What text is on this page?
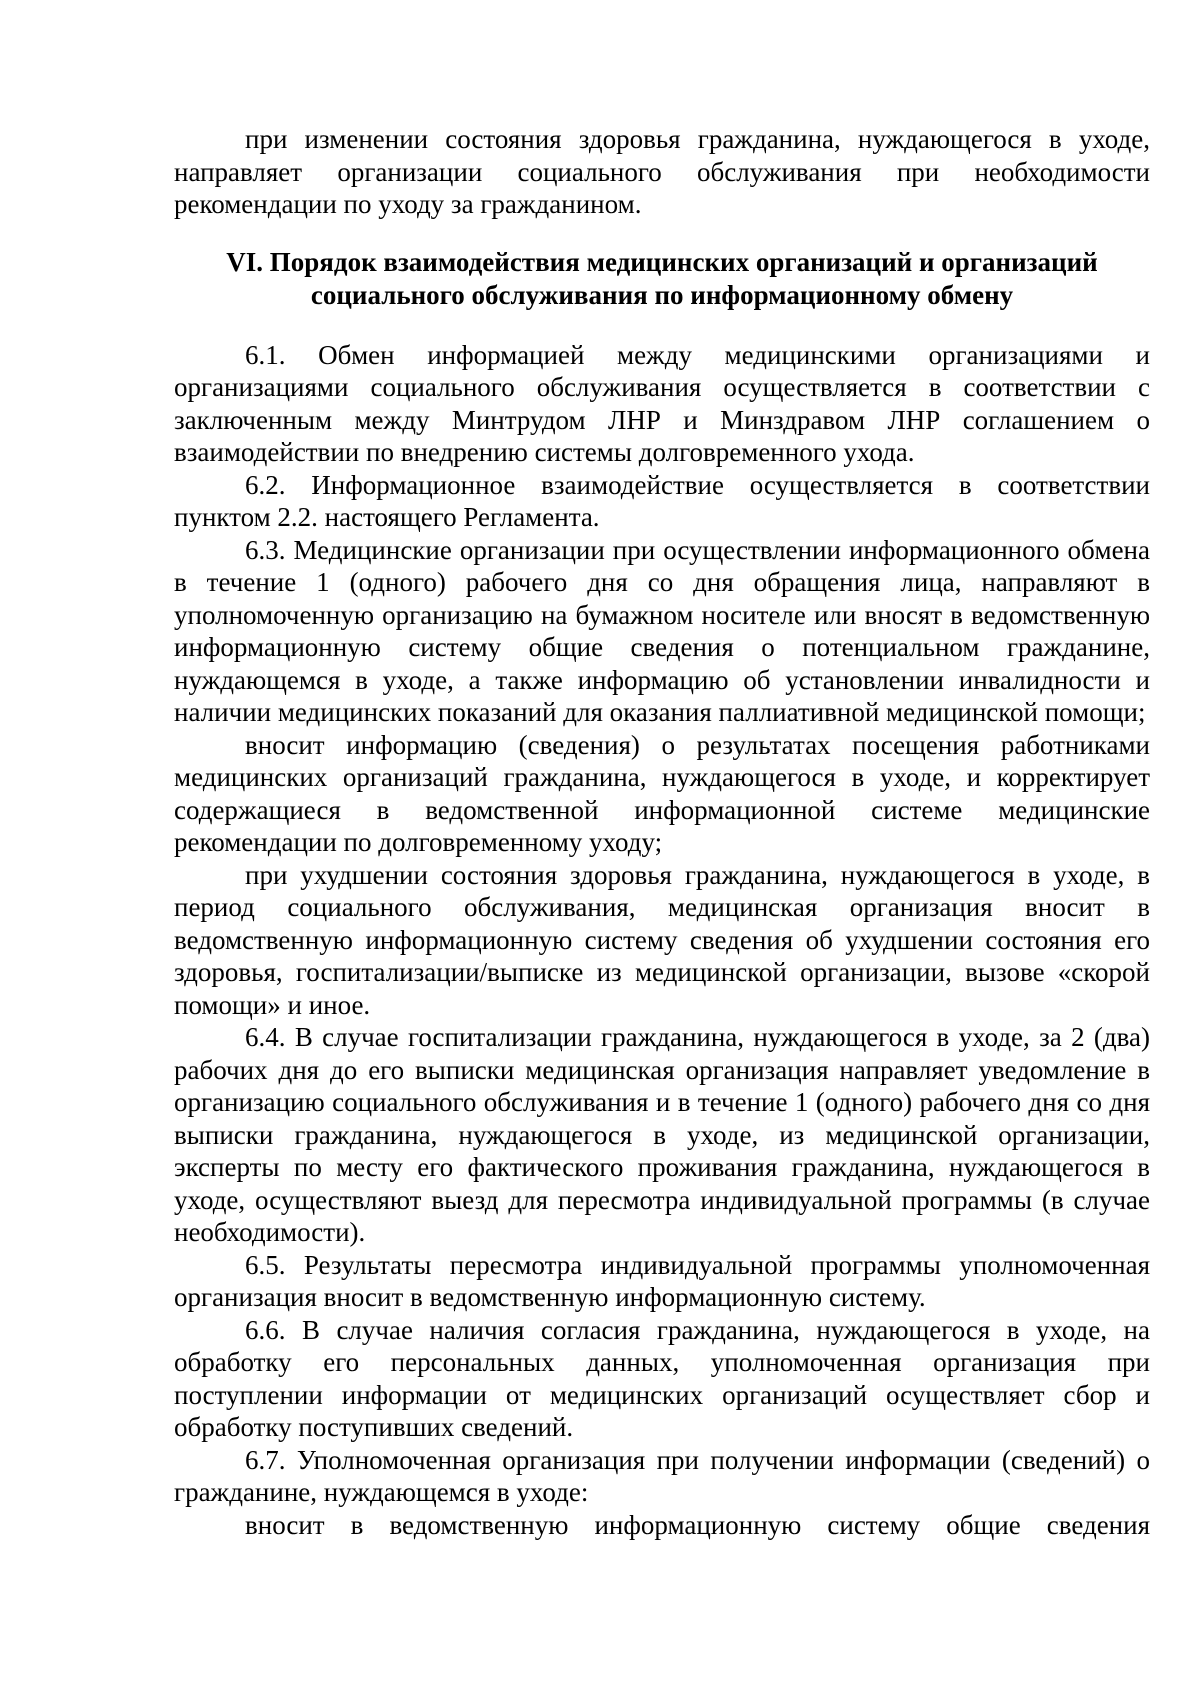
при изменении состояния здоровья гражданина, нуждающегося в уходе, направляет организации социального обслуживания при необходимости рекомендации по уходу за гражданином.

VI. Порядок взаимодействия медицинских организаций и организаций
социального обслуживания по информационному обмену

6.1. Обмен информацией между медицинскими организациями и организациями социального обслуживания осуществляется в соответствии с заключенным между Минтрудом ЛНР и Минздравом ЛНР соглашением о взаимодействии по внедрению системы долговременного ухода.

6.2. Информационное взаимодействие осуществляется в соответствии пунктом 2.2. настоящего Регламента.

6.3. Медицинские организации при осуществлении информационного обмена в течение 1 (одного) рабочего дня со дня обращения лица, направляют в уполномоченную организацию на бумажном носителе или вносят в ведомственную информационную систему общие сведения о потенциальном гражданине, нуждающемся в уходе, а также информацию об установлении инвалидности и наличии медицинских показаний для оказания паллиативной медицинской помощи;

вносит информацию (сведения) о результатах посещения работниками медицинских организаций гражданина, нуждающегося в уходе, и корректирует содержащиеся в ведомственной информационной системе медицинские рекомендации по долговременному уходу;

при ухудшении состояния здоровья гражданина, нуждающегося в уходе, в период социального обслуживания, медицинская организация вносит в ведомственную информационную систему сведения об ухудшении состояния его здоровья, госпитализации/выписке из медицинской организации, вызове «скорой помощи» и иное.

6.4. В случае госпитализации гражданина, нуждающегося в уходе, за 2 (два) рабочих дня до его выписки медицинская организация направляет уведомление в организацию социального обслуживания и в течение 1 (одного) рабочего дня со дня выписки гражданина, нуждающегося в уходе, из медицинской организации, эксперты по месту его фактического проживания гражданина, нуждающегося в уходе, осуществляют выезд для пересмотра индивидуальной программы (в случае необходимости).

6.5. Результаты пересмотра индивидуальной программы уполномоченная организация вносит в ведомственную информационную систему.

6.6. В случае наличия согласия гражданина, нуждающегося в уходе, на обработку его персональных данных, уполномоченная организация при поступлении информации от медицинских организаций осуществляет сбор и обработку поступивших сведений.

6.7. Уполномоченная организация при получении информации (сведений) о гражданине, нуждающемся в уходе:

вносит в ведомственную информационную систему общие сведения
